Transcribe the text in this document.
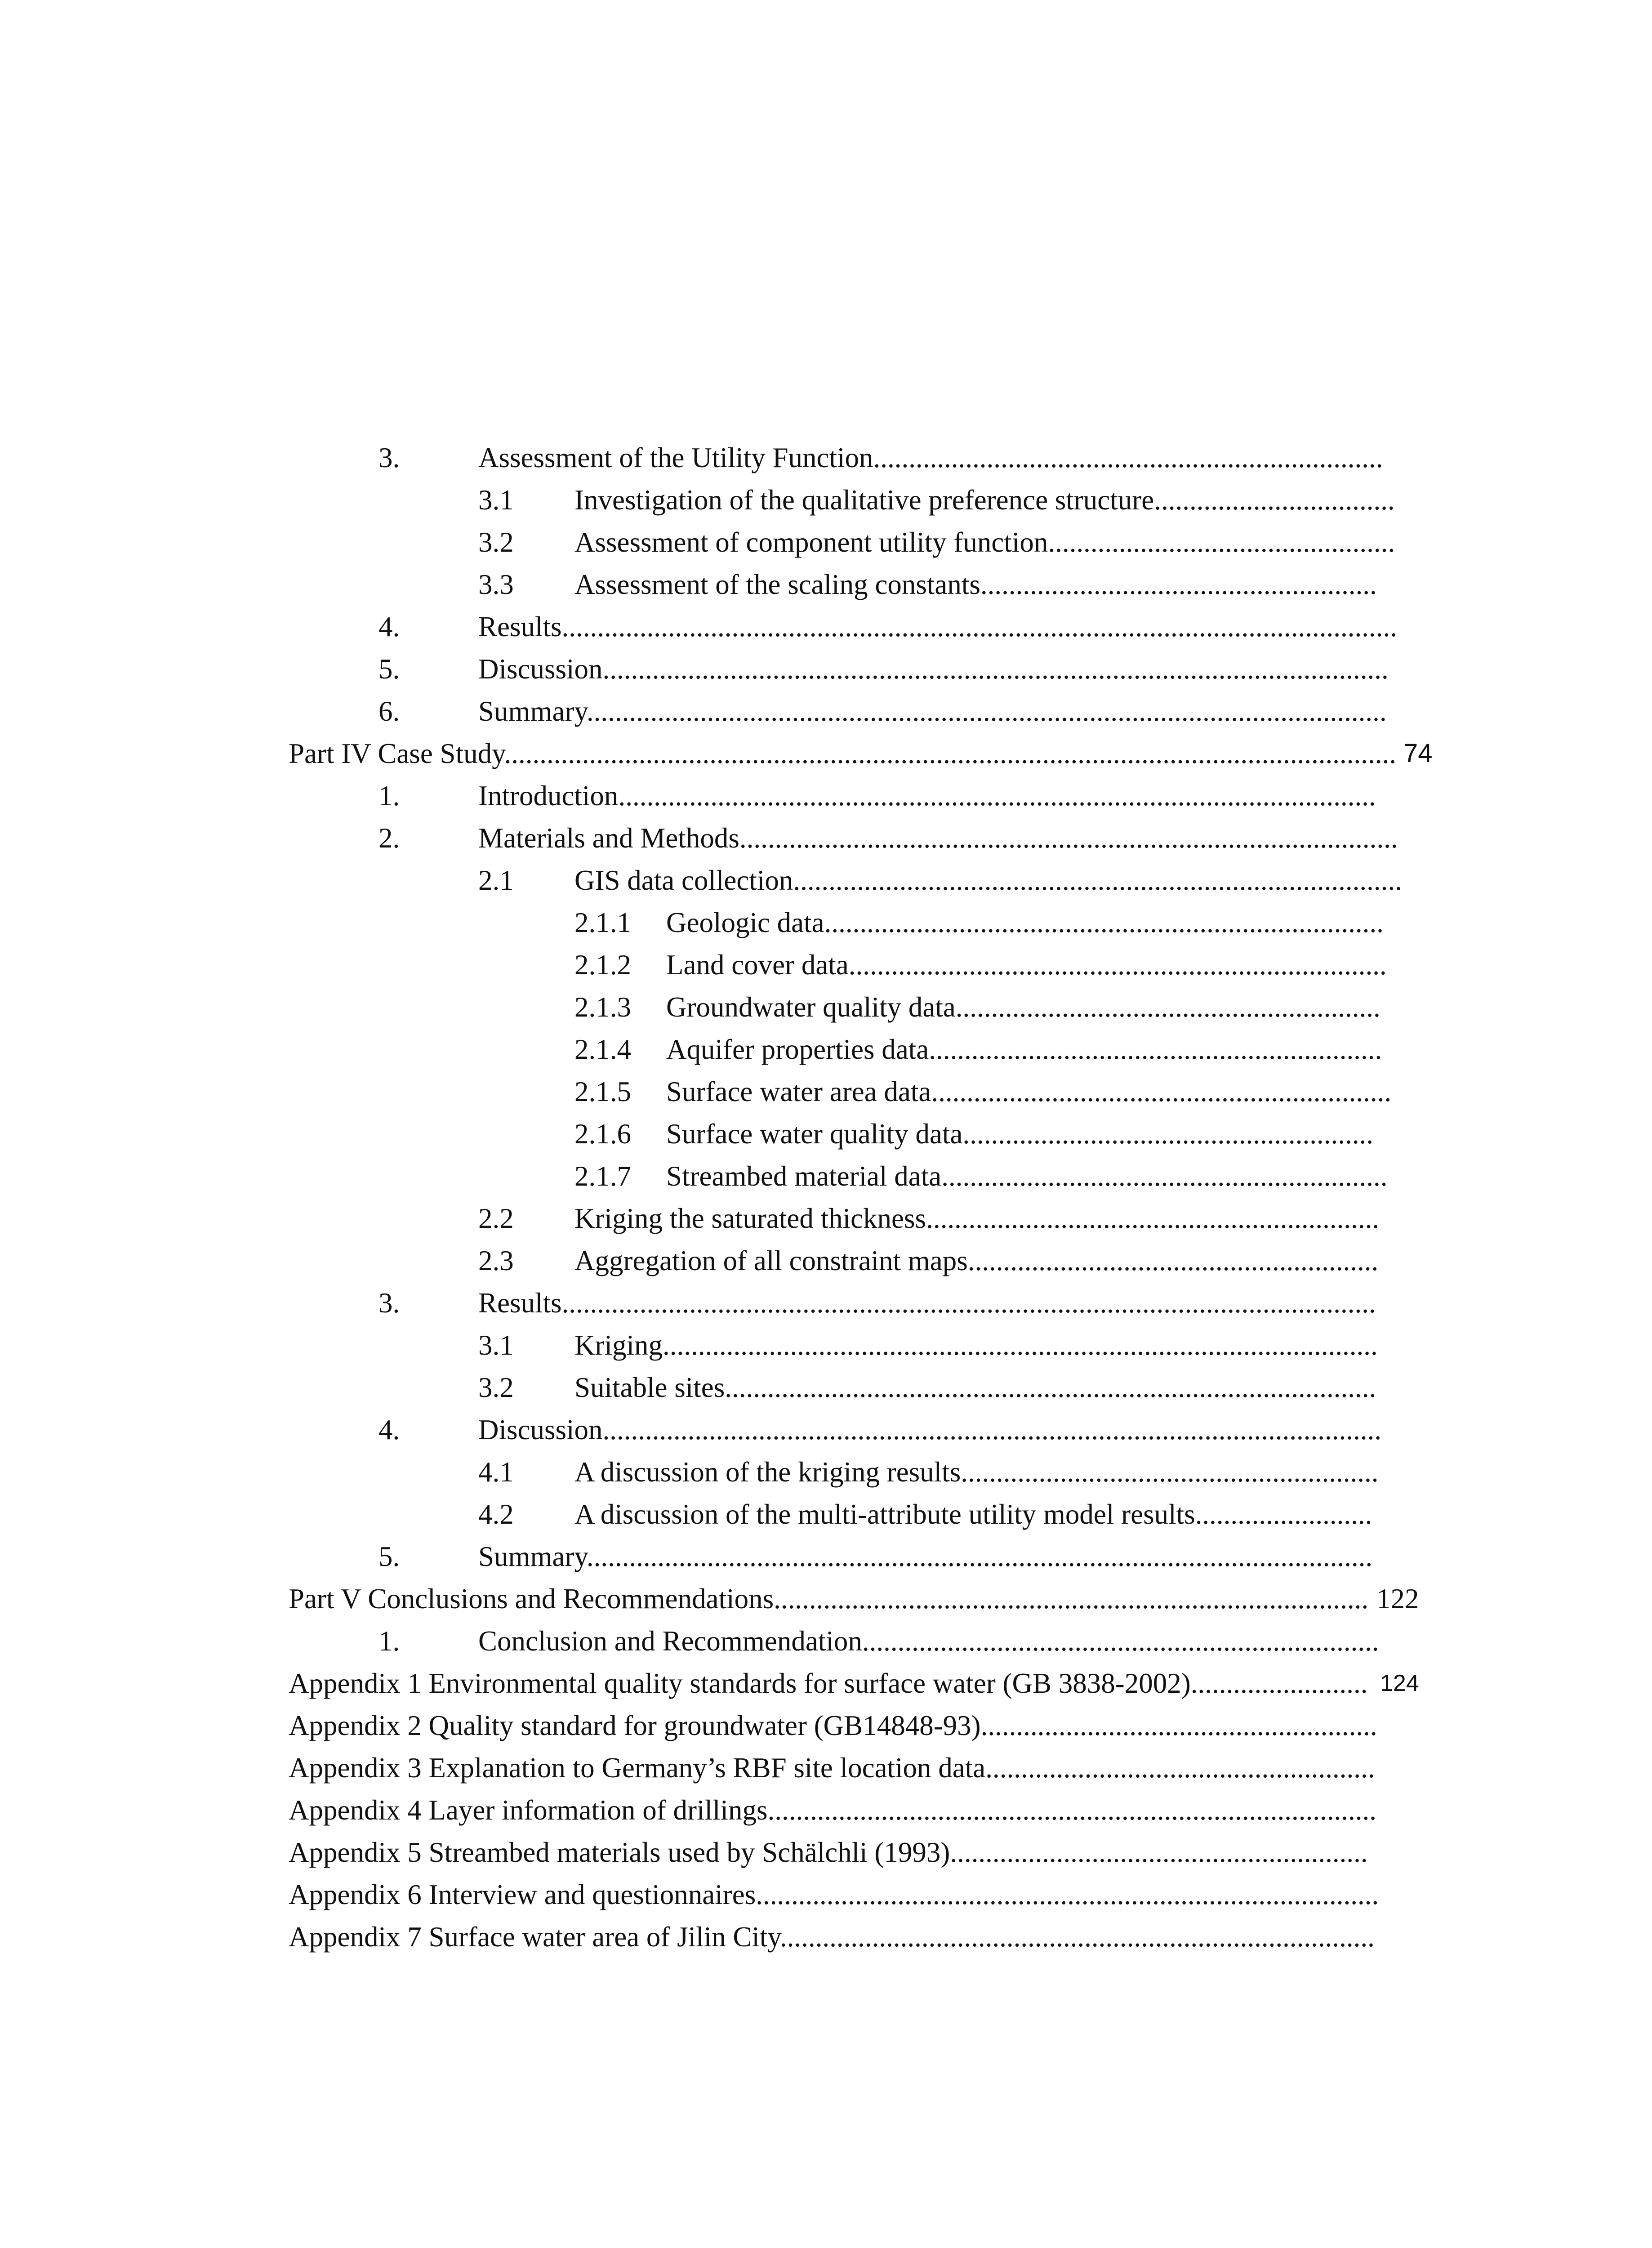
3.	Assessment of the Utility Function........................................................................
3.1 Investigation of the qualitative preference structure..................................
3.2 Assessment of component utility function.................................................
3.3 Assessment of the scaling constants........................................................
4.	Results......................................................................................................................
5.	Discussion...............................................................................................................
6.	Summary.................................................................................................................
Part IV Case Study.............................................................................................................................. 74
1.	Introduction...........................................................................................................
2.	Materials and Methods.............................................................................................
2.1 GIS data collection......................................................................................
2.1.1 Geologic data...............................................................................
2.1.2 Land cover data............................................................................
2.1.3 Groundwater quality data............................................................
2.1.4 Aquifer properties data................................................................
2.1.5 Surface water area data.................................................................
2.1.6 Surface water quality data..........................................................
2.1.7 Streambed material data...............................................................
2.2 Kriging the saturated thickness................................................................
2.3 Aggregation of all constraint maps..........................................................
3.	Results...................................................................................................................
3.1 Kriging.....................................................................................................
3.2 Suitable sites............................................................................................
4.	Discussion..............................................................................................................
4.1 A discussion of the kriging results...........................................................
4.2 A discussion of the multi-attribute utility model results.........................
5.	Summary...............................................................................................................
Part V Conclusions and Recommendations.................................................................................... 122
1.	Conclusion and Recommendation.........................................................................
Appendix 1 Environmental quality standards for surface water (GB 3838-2002)......................... 124
Appendix 2 Quality standard for groundwater (GB14848-93)........................................................
Appendix 3 Explanation to Germany’s RBF site location data.......................................................
Appendix 4 Layer information of drillings......................................................................................
Appendix 5 Streambed materials used by Schälchli (1993)...........................................................
Appendix 6 Interview and questionnaires........................................................................................
Appendix 7 Surface water area of Jilin City....................................................................................
